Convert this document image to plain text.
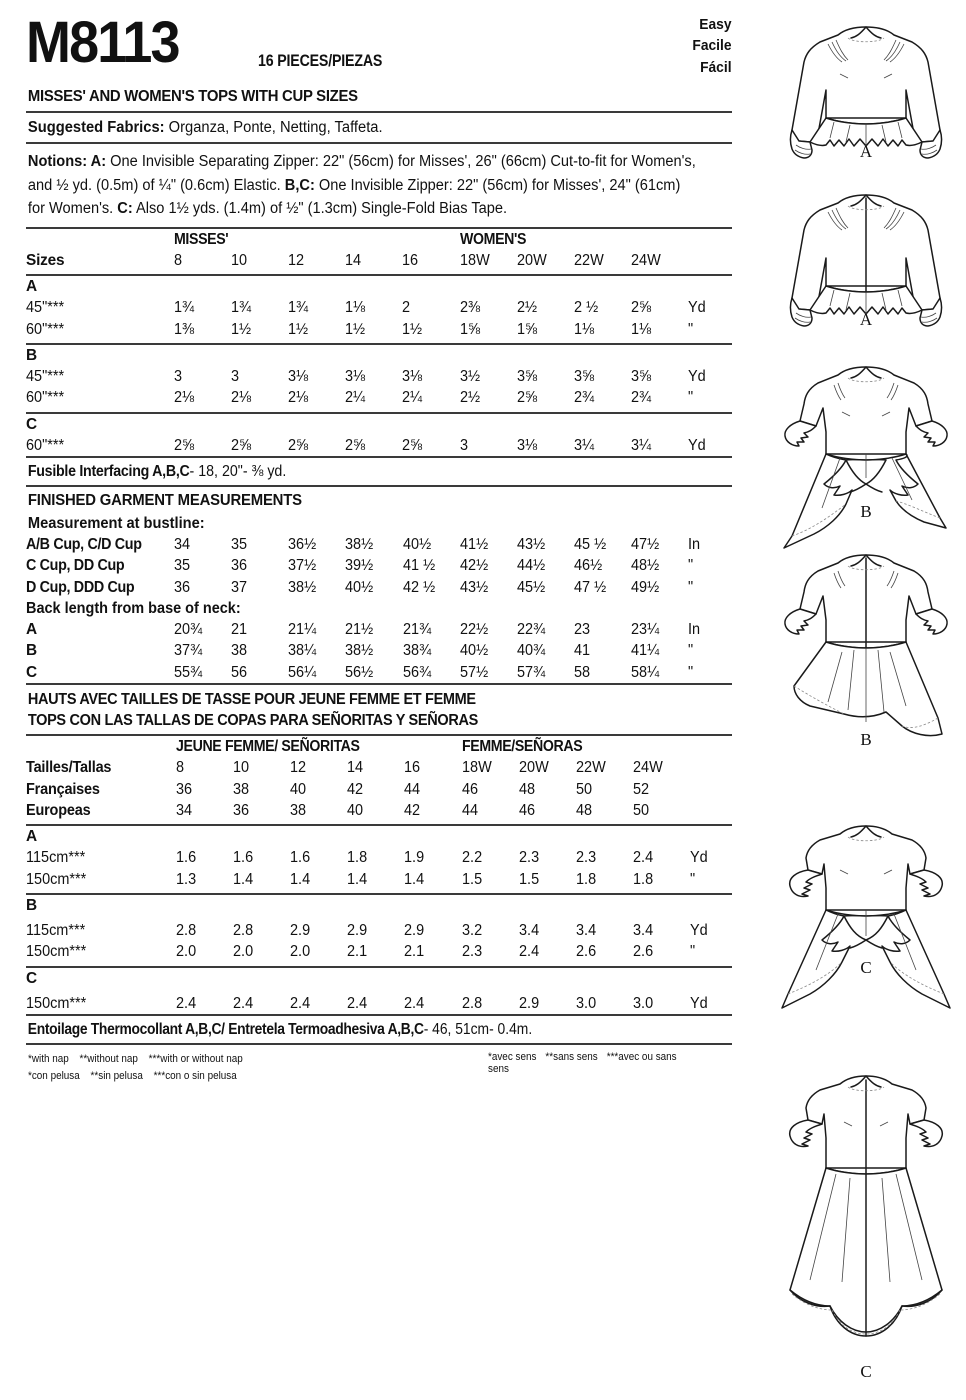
M8113	16 PIECES/PIEZAS
Easy
Facile
Fácil
MISSES' AND WOMEN'S TOPS WITH CUP SIZES
Suggested Fabrics: Organza, Ponte, Netting, Taffeta.
Notions: A: One Invisible Separating Zipper: 22" (56cm) for Misses', 26" (66cm) Cut-to-fit for Women's, and ½ yd. (0.5m) of ¼" (0.6cm) Elastic. B,C: One Invisible Zipper: 22" (56cm) for Misses', 24" (61cm) for Women's. C: Also 1½ yds. (1.4m) of ½" (1.3cm) Single-Fold Bias Tape.
	MISSES'					WOMEN'S				
Sizes	8	10	12	14	16	18W	20W	22W	24W	

A										
45"***	1¾	1¾	1¾	1⅛	2	2⅜	2½	2 ½	2⅝	Yd
60"***	1⅜	1½	1½	1½	1½	1⅝	1⅝	1⅛	1⅛	"

B										
45"***	3	3	3⅛	3⅛	3⅛	3½	3⅝	3⅝	3⅝	Yd
60"***	2⅛	2⅛	2⅛	2¼	2¼	2½	2⅝	2¾	2¾	"

C										
60"***	2⅝	2⅝	2⅝	2⅝	2⅝	3	3⅛	3¼	3¼	Yd
Fusible Interfacing A,B,C- 18, 20"- ⅜ yd.
FINISHED GARMENT MEASUREMENTS
Measurement at bustline:
A/B Cup, C/D Cup	34	35	36½	38½	40½	41½	43½	45 ½	47½	In
C Cup, DD Cup	35	36	37½	39½	41 ½	42½	44½	46½	48½	"
D Cup, DDD Cup	36	37	38½	40½	42 ½	43½	45½	47 ½	49½	"
Back length from base of neck:										
A	20¾	21	21¼	21½	21¾	22½	22¾	23	23¼	In
B	37¾	38	38¼	38½	38¾	40½	40¾	41	41¼	"
C	55¾	56	56¼	56½	56¾	57½	57¾	58	58¼	"
HAUTS AVEC TAILLES DE TASSE POUR JEUNE FEMME ET FEMME
TOPS CON LAS TALLAS DE COPAS PARA SEÑORITAS Y SEÑORAS
	JEUNE FEMME/ SEÑORITAS					FEMME/SEÑORAS				
Tailles/Tallas	8	10	12	14	16	18W	20W	22W	24W	
Françaises	36	38	40	42	44	46	48	50	52	
Europeas	34	36	38	40	42	44	46	48	50	

A										
115cm***	1.6	1.6	1.6	1.8	1.9	2.2	2.3	2.3	2.4	Yd
150cm***	1.3	1.4	1.4	1.4	1.4	1.5	1.5	1.8	1.8	"

B										

115cm***	2.8	2.8	2.9	2.9	2.9	3.2	3.4	3.4	3.4	Yd
150cm***	2.0	2.0	2.0	2.1	2.1	2.3	2.4	2.6	2.6	"

C										

150cm***	2.4	2.4	2.4	2.4	2.4	2.8	2.9	3.0	3.0	Yd
Entoilage Thermocollant A,B,C/ Entretela Termoadhesiva A,B,C- 46, 51cm- 0.4m.
*with nap **without nap ***with or without nap
*con pelusa **sin pelusa ***con o sin pelusa
*avec sens **sans sens ***avec ou sans sens
A
A
B
B
C
C
